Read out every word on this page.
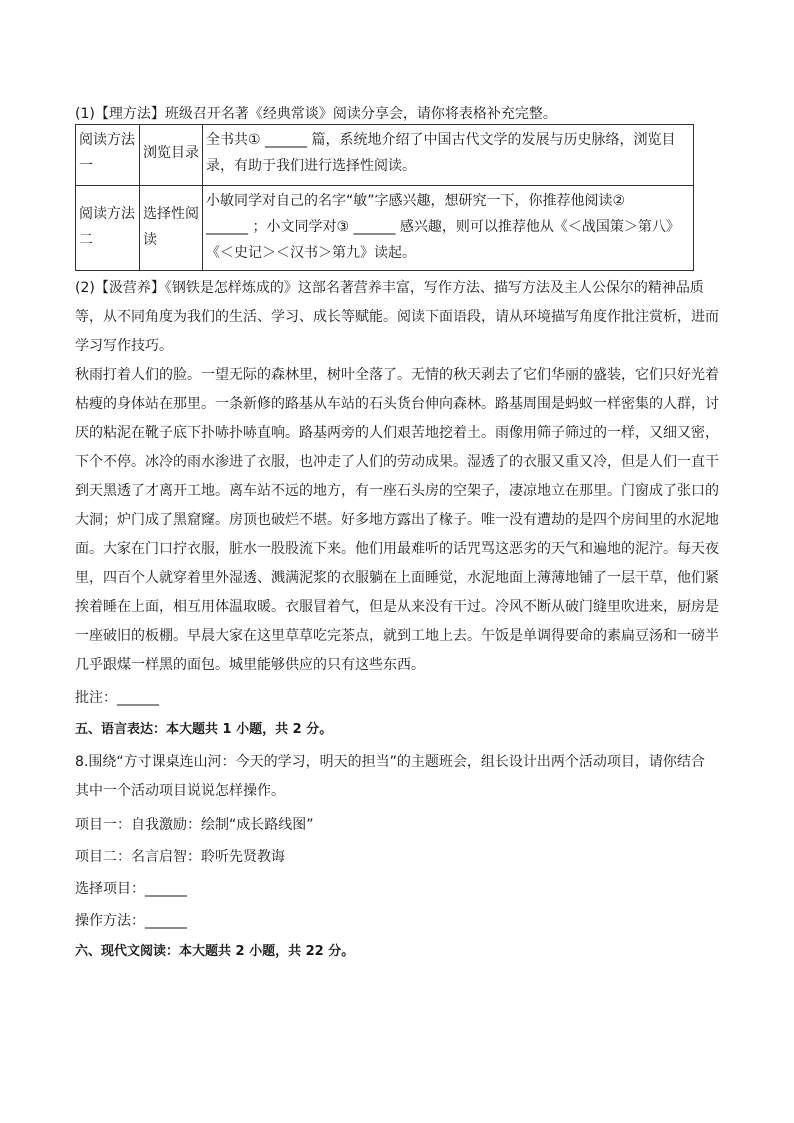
(1)【理方法】班级召开名著《经典常谈》阅读分享会，请你将表格补充完整。
阅读方法
一	浏览目录	全书共① ______ 篇，系统地介绍了中国古代文学的发展与历史脉络，浏览目
录，有助于我们进行选择性阅读。

阅读方法
二	选择性阅
读	小敏同学对自己的名字“敏”字感兴趣，想研究一下，你推荐他阅读②
______ ；小文同学对③ ______ 感兴趣，则可以推荐他从《＜战国策＞第八》
《＜史记＞＜汉书＞第九》读起。
(2)【汲营养】《钢铁是怎样炼成的》这部名著营养丰富，写作方法、描写方法及主人公保尔的精神品质
等，从不同角度为我们的生活、学习、成长等赋能。阅读下面语段，请从环境描写角度作批注赏析，进而
学习写作技巧。
秋雨打着人们的脸。一望无际的森林里，树叶全落了。无情的秋天剥去了它们华丽的盛装，它们只好光着
枯瘦的身体站在那里。一条新修的路基从车站的石头货台伸向森林。路基周围是蚂蚁一样密集的人群，讨
厌的粘泥在靴子底下扑哧扑哧直响。路基两旁的人们艰苦地挖着土。雨像用筛子筛过的一样，又细又密，
下个不停。冰冷的雨水渗进了衣服，也冲走了人们的劳动成果。湿透了的衣服又重又冷，但是人们一直干
到天黑透了才离开工地。离车站不远的地方，有一座石头房的空架子，凄凉地立在那里。门窗成了张口的
大洞；炉门成了黑窟窿。房顶也破烂不堪。好多地方露出了椽子。唯一没有遭劫的是四个房间里的水泥地
面。大家在门口拧衣服，脏水一股股流下来。他们用最难听的话咒骂这恶劣的天气和遍地的泥泞。每天夜
里，四百个人就穿着里外湿透、溅满泥浆的衣服躺在上面睡觉，水泥地面上薄薄地铺了一层干草，他们紧
挨着睡在上面，相互用体温取暖。衣服冒着气，但是从来没有干过。冷风不断从破门缝里吹进来，厨房是
一座破旧的板棚。早晨大家在这里草草吃完茶点，就到工地上去。午饭是单调得要命的素扁豆汤和一磅半
几乎跟煤一样黑的面包。城里能够供应的只有这些东西。
批注：______
五、语言表达：本大题共 1 小题，共 2 分。
8.围绕“方寸课桌连山河：今天的学习，明天的担当”的主题班会，组长设计出两个活动项目，请你结合
其中一个活动项目说说怎样操作。
项目一：自我激励：绘制“成长路线图”
项目二：名言启智：聆听先贤教诲
选择项目：______
操作方法：______
六、现代文阅读：本大题共 2 小题，共 22 分。
